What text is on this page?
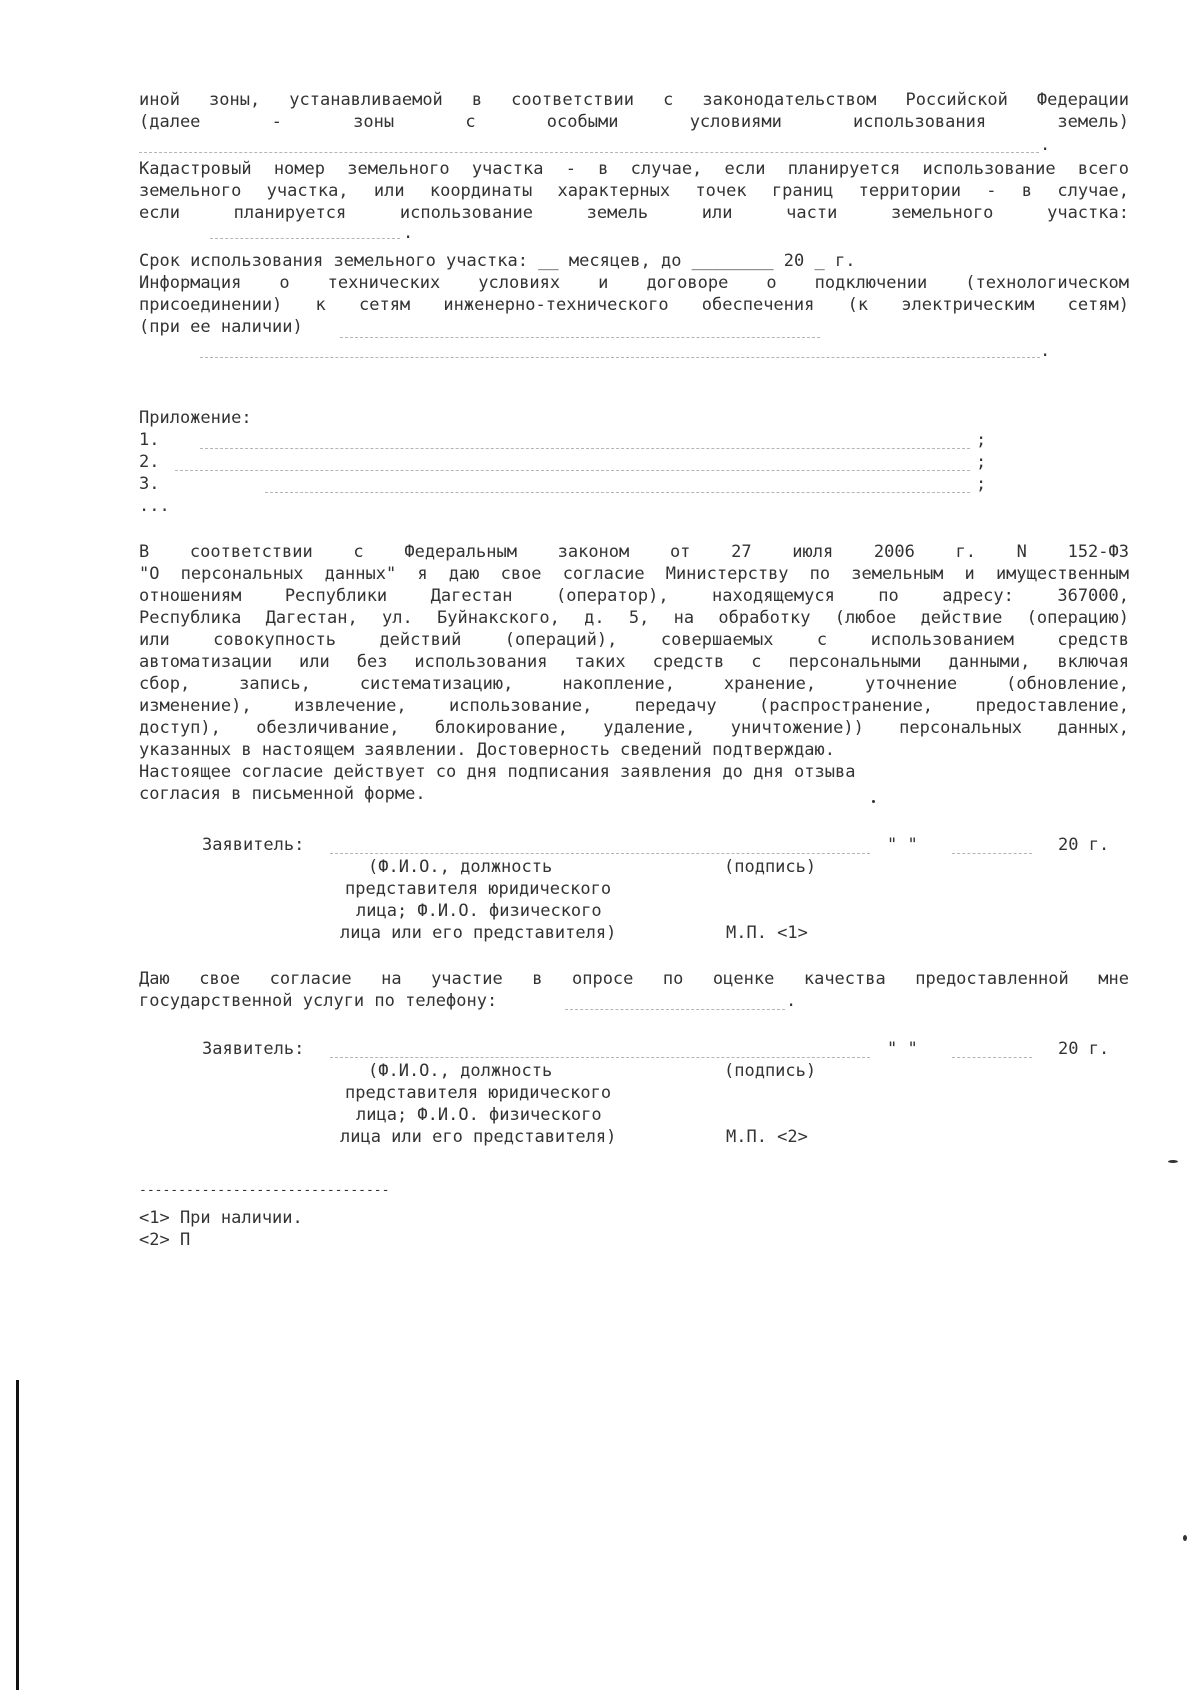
иной зоны, устанавливаемой в соответствии с законодательством Российской Федерации
(далее - зоны с особыми условиями использования земель)
.
Кадастровый номер земельного участка - в случае, если планируется использование всего
земельного участка, или координаты характерных точек границ территории - в случае,
если планируется использование земель или части земельного участка:
.
Срок использования земельного участка: __ месяцев, до ________ 20 _ г.
Информация о технических условиях и договоре о подключении (технологическом
присоединении) к сетям инженерно-технического обеспечения (к электрическим сетям)
(при ее наличии)
.
Приложение:
1.	;
2.	;
3.	;
...
В соответствии с Федеральным законом от 27 июля 2006 г. N 152-ФЗ
"О персональных данных" я даю свое согласие Министерству по земельным и имущественным
отношениям Республики Дагестан (оператор), находящемуся по адресу: 367000,
Республика Дагестан, ул. Буйнакского, д. 5, на обработку (любое действие (операцию)
или совокупность действий (операций), совершаемых с использованием средств
автоматизации или без использования таких средств с персональными данными, включая
сбор, запись, систематизацию, накопление, хранение, уточнение (обновление,
изменение), извлечение, использование, передачу (распространение, предоставление,
доступ), обезличивание, блокирование, удаление, уничтожение)) персональных данных,
указанных в настоящем заявлении. Достоверность сведений подтверждаю.
Настоящее согласие действует со дня подписания заявления до дня отзыва
согласия в письменной форме.
Заявитель:	" "	20 г.
(Ф.И.О., должность
представителя юридического
лица; Ф.И.О. физического
лица или его представителя)
(подпись)
М.П. <1>
Даю свое согласие на участие в опросе по оценке качества предоставленной мне
государственной услуги по телефону:	.
Заявитель:	" "	20 г.
(Ф.И.О., должность
представителя юридического
лица; Ф.И.О. физического
лица или его представителя)
(подпись)
М.П. <2>
--------------------------------
<1> При наличии.
<2> П
